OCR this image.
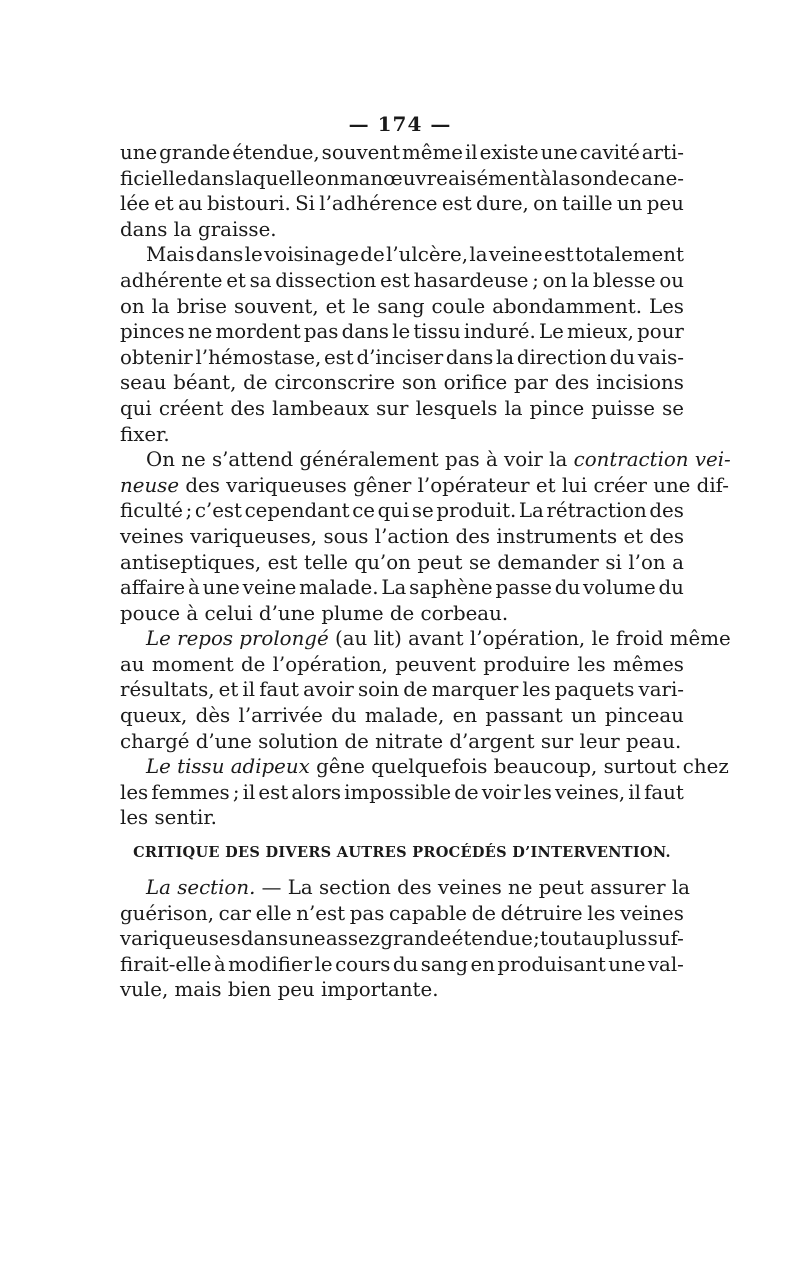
— 174 —
une grande étendue, souvent même il existe une cavité arti-
ficielle dans laquelle on manœuvre aisément à la sonde cane-
lée et au bistouri. Si l’adhérence est dure, on taille un peu
dans la graisse.
Mais dans le voisinage de l’ulcère, la veine est totalement
adhérente et sa dissection est hasardeuse ; on la blesse ou
on la brise souvent, et le sang coule abondamment. Les
pinces ne mordent pas dans le tissu induré. Le mieux, pour
obtenir l’hémostase, est d’inciser dans la direction du vais-
seau béant, de circonscrire son orifice par des incisions
qui créent des lambeaux sur lesquels la pince puisse se
fixer.
On ne s’attend généralement pas à voir la
contraction vei-
neuse
des variqueuses gêner l’opérateur et lui créer une dif-
ficulté ; c’est cependant ce qui se produit. La rétraction des
veines variqueuses, sous l’action des instruments et des
antiseptiques, est telle qu’on peut se demander si l’on a
affaire à une veine malade. La saphène passe du volume du
pouce à celui d’une plume de corbeau.
Le repos prolongé
(au lit) avant l’opération, le froid même
au moment de l’opération, peuvent produire les mêmes
résultats, et il faut avoir soin de marquer les paquets vari-
queux, dès l’arrivée du malade, en passant un pinceau
chargé d’une solution de nitrate d’argent sur leur peau.
Le tissu adipeux
gêne quelquefois beaucoup, surtout chez
les femmes ; il est alors impossible de voir les veines, il faut
les sentir.
CRITIQUE DES DIVERS AUTRES PROCÉDÉS D’INTERVENTION.
La section.
— La section des veines ne peut assurer la
guérison, car elle n’est pas capable de détruire les veines
variqueuses dans une assez grande étendue ; tout au plus suf-
firait-elle à modifier le cours du sang en produisant une val-
vule, mais bien peu importante.
